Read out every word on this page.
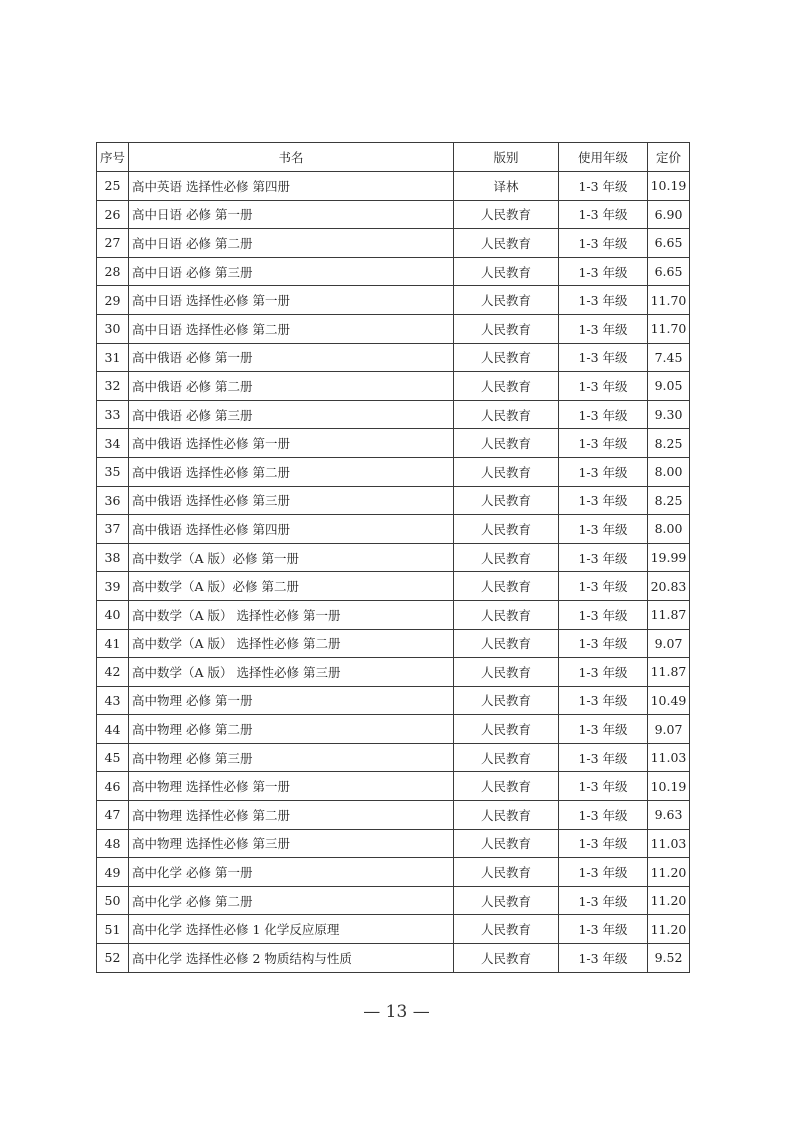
序号	书名	版别	使用年级	定价
25	高中英语 选择性必修 第四册	译林	1-3 年级	10.19
26	高中日语 必修 第一册	人民教育	1-3 年级	6.90
27	高中日语 必修 第二册	人民教育	1-3 年级	6.65
28	高中日语 必修 第三册	人民教育	1-3 年级	6.65
29	高中日语 选择性必修 第一册	人民教育	1-3 年级	11.70
30	高中日语 选择性必修 第二册	人民教育	1-3 年级	11.70
31	高中俄语 必修 第一册	人民教育	1-3 年级	7.45
32	高中俄语 必修 第二册	人民教育	1-3 年级	9.05
33	高中俄语 必修 第三册	人民教育	1-3 年级	9.30
34	高中俄语 选择性必修 第一册	人民教育	1-3 年级	8.25
35	高中俄语 选择性必修 第二册	人民教育	1-3 年级	8.00
36	高中俄语 选择性必修 第三册	人民教育	1-3 年级	8.25
37	高中俄语 选择性必修 第四册	人民教育	1-3 年级	8.00
38	高中数学（A 版）必修 第一册	人民教育	1-3 年级	19.99
39	高中数学（A 版）必修 第二册	人民教育	1-3 年级	20.83
40	高中数学（A 版） 选择性必修 第一册	人民教育	1-3 年级	11.87
41	高中数学（A 版） 选择性必修 第二册	人民教育	1-3 年级	9.07
42	高中数学（A 版） 选择性必修 第三册	人民教育	1-3 年级	11.87
43	高中物理 必修 第一册	人民教育	1-3 年级	10.49
44	高中物理 必修 第二册	人民教育	1-3 年级	9.07
45	高中物理 必修 第三册	人民教育	1-3 年级	11.03
46	高中物理 选择性必修 第一册	人民教育	1-3 年级	10.19
47	高中物理 选择性必修 第二册	人民教育	1-3 年级	9.63
48	高中物理 选择性必修 第三册	人民教育	1-3 年级	11.03
49	高中化学 必修 第一册	人民教育	1-3 年级	11.20
50	高中化学 必修 第二册	人民教育	1-3 年级	11.20
51	高中化学 选择性必修 1 化学反应原理	人民教育	1-3 年级	11.20
52	高中化学 选择性必修 2 物质结构与性质	人民教育	1-3 年级	9.52
— 13 —
